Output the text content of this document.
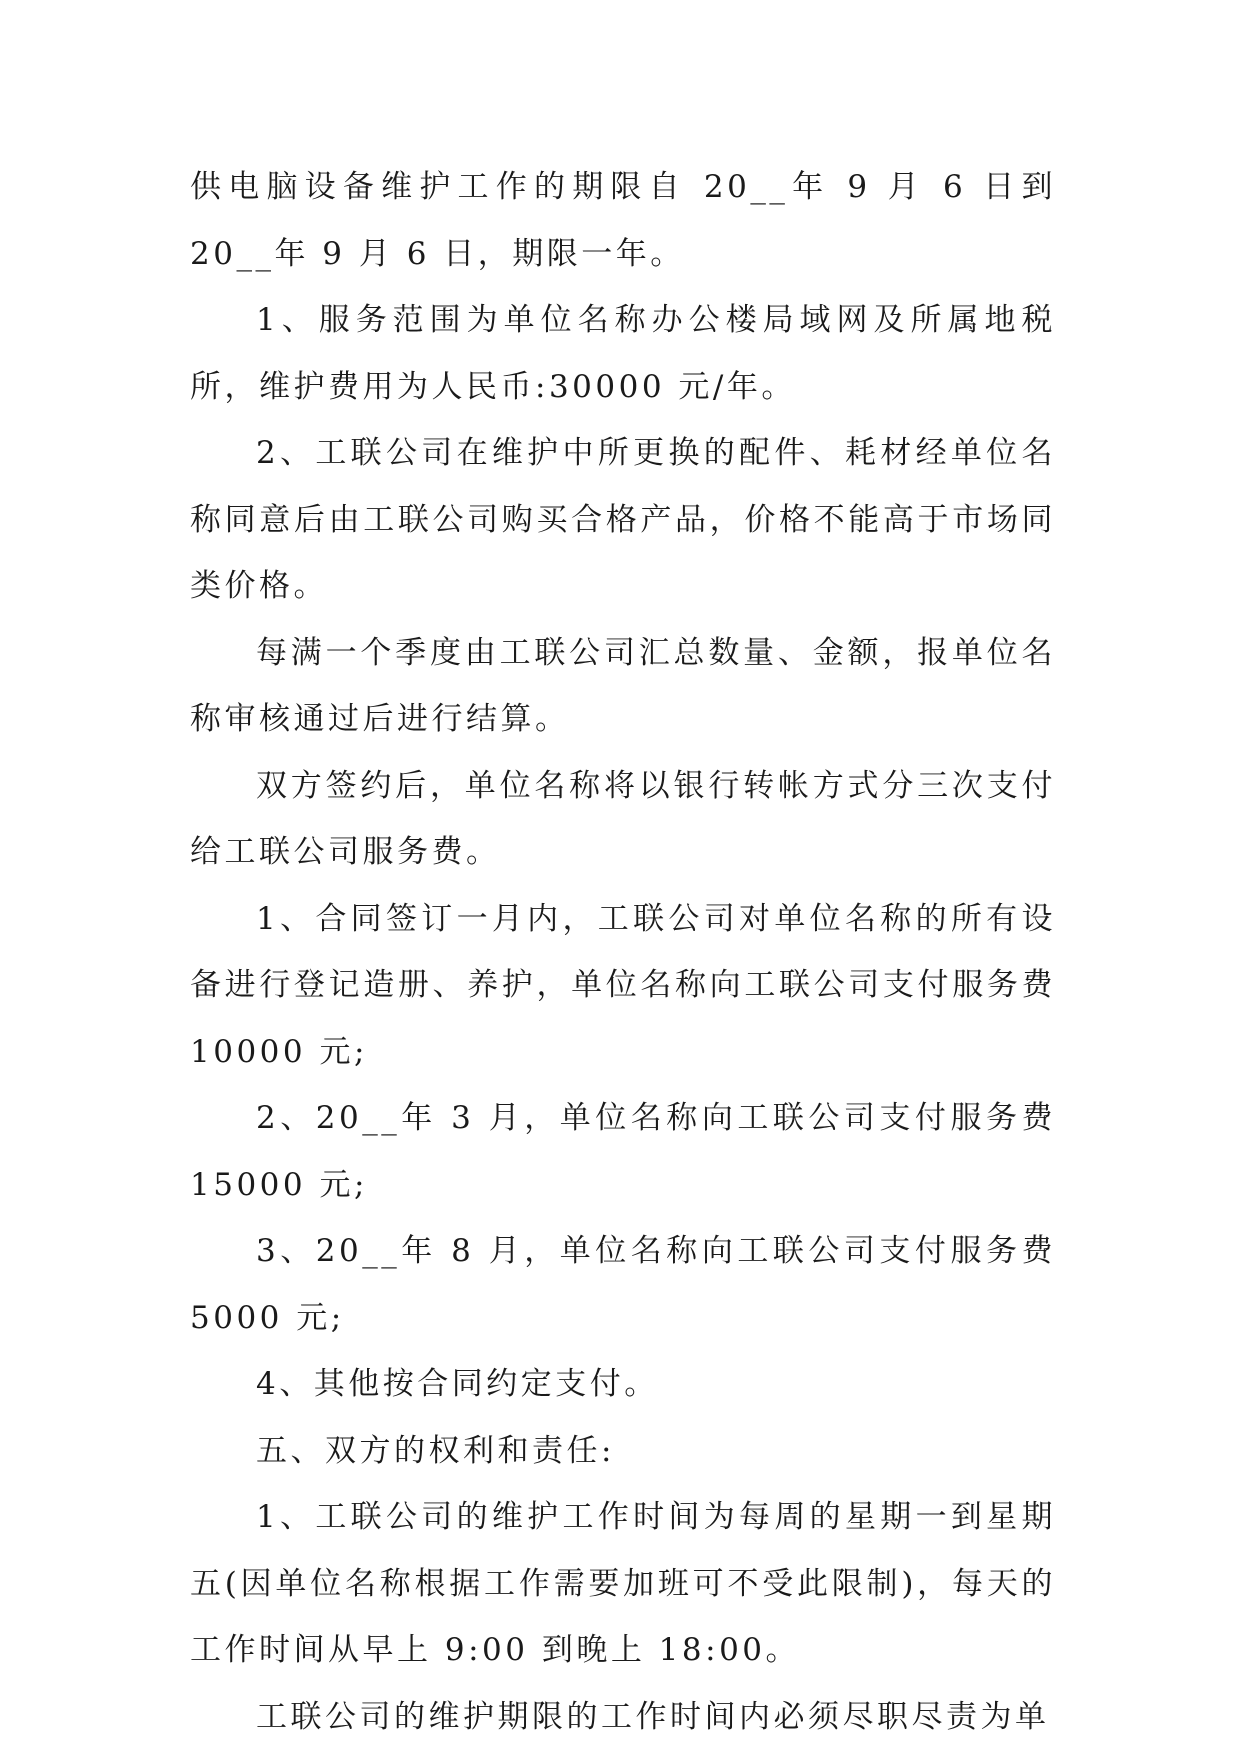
供电脑设备维护工作的期限自 20__年 9 月 6 日到 20__年 9 月 6 日，期限一年。

1、服务范围为单位名称办公楼局域网及所属地税所，维护费用为人民币:30000 元/年。

2、工联公司在维护中所更换的配件、耗材经单位名称同意后由工联公司购买合格产品，价格不能高于市场同类价格。

每满一个季度由工联公司汇总数量、金额，报单位名称审核通过后进行结算。

双方签约后，单位名称将以银行转帐方式分三次支付给工联公司服务费。

1、合同签订一月内，工联公司对单位名称的所有设备进行登记造册、养护，单位名称向工联公司支付服务费 10000 元;

2、20__年 3 月，单位名称向工联公司支付服务费 15000 元;

3、20__年 8 月，单位名称向工联公司支付服务费 5000 元;

4、其他按合同约定支付。

五、双方的权利和责任:

1、工联公司的维护工作时间为每周的星期一到星期五(因单位名称根据工作需要加班可不受此限制)，每天的工作时间从早上 9:00 到晚上 18:00。

工联公司的维护期限的工作时间内必须尽职尽责为单
